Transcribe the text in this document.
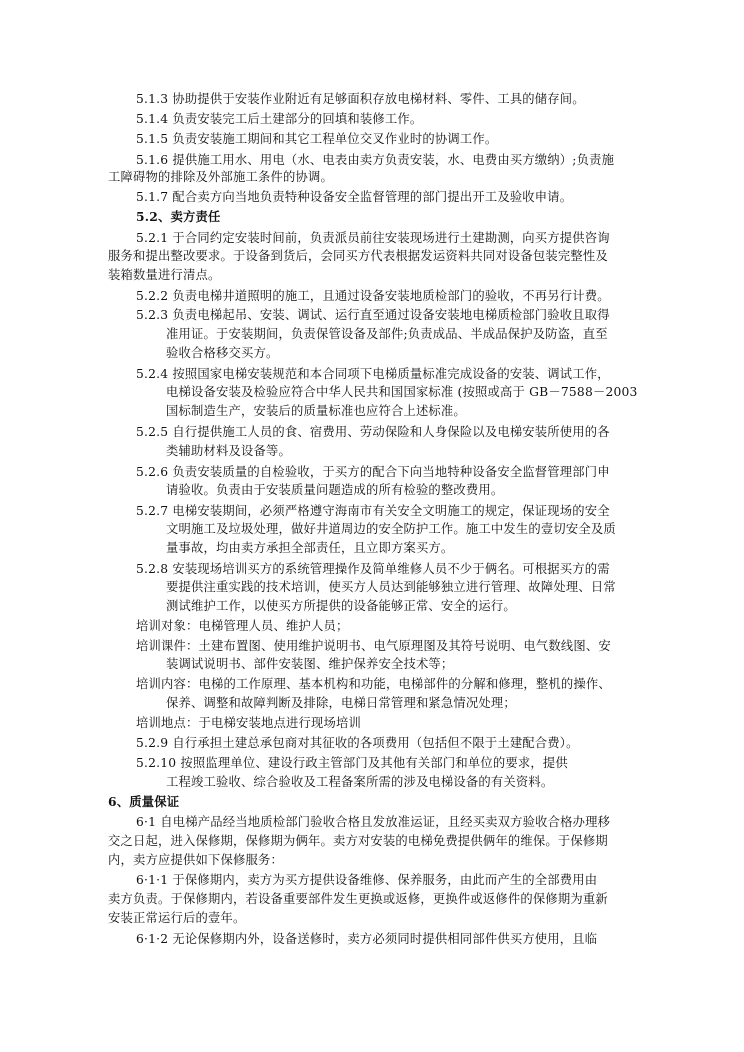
5.1.3 协助提供于安装作业附近有足够面积存放电梯材料、零件、工具的储存间。
5.1.4 负责安装完工后土建部分的回填和装修工作。
5.1.5 负责安装施工期间和其它工程单位交叉作业时的协调工作。
5.1.6 提供施工用水、用电（水、电表由卖方负责安装，水、电费由买方缴纳）;负责施
工障碍物的排除及外部施工条件的协调。
5.1.7 配合卖方向当地负责特种设备安全监督管理的部门提出开工及验收申请。
5.2、卖方责任
5.2.1 于合同约定安装时间前，负责派员前往安装现场进行土建勘测，向买方提供咨询
服务和提出整改要求。于设备到货后，会同买方代表根据发运资料共同对设备包装完整性及
装箱数量进行清点。
5.2.2 负责电梯井道照明的施工，且通过设备安装地质检部门的验收，不再另行计费。
5.2.3 负责电梯起吊、安装、调试、运行直至通过设备安装地电梯质检部门验收且取得
准用证。于安装期间，负责保管设备及部件;负责成品、半成品保护及防盗，直至
验收合格移交买方。
5.2.4 按照国家电梯安装规范和本合同项下电梯质量标准完成设备的安装、调试工作，
电梯设备安装及检验应符合中华人民共和国国家标准 (按照或高于 GB－7588－2003
国标制造生产，安装后的质量标准也应符合上述标准。
5.2.5 自行提供施工人员的食、宿费用、劳动保险和人身保险以及电梯安装所使用的各
类辅助材料及设备等。
5.2.6 负责安装质量的自检验收，于买方的配合下向当地特种设备安全监督管理部门申
请验收。负责由于安装质量问题造成的所有检验的整改费用。
5.2.7 电梯安装期间，必须严格遵守海南市有关安全文明施工的规定，保证现场的安全
文明施工及垃圾处理，做好井道周边的安全防护工作。施工中发生的壹切安全及质
量事故，均由卖方承担全部责任，且立即方案买方。
5.2.8 安装现场培训买方的系统管理操作及简单维修人员不少于俩名。可根据买方的需
要提供注重实践的技术培训，使买方人员达到能够独立进行管理、故障处理、日常
测试维护工作，以使买方所提供的设备能够正常、安全的运行。
培训对象：电梯管理人员、维护人员；
培训课件：土建布置图、使用维护说明书、电气原理图及其符号说明、电气数线图、安
装调试说明书、部件安装图、维护保养安全技术等；
培训内容：电梯的工作原理、基本机构和功能，电梯部件的分解和修理，整机的操作、
保养、调整和故障判断及排除，电梯日常管理和紧急情况处理；
培训地点：于电梯安装地点进行现场培训
5.2.9 自行承担土建总承包商对其征收的各项费用（包括但不限于土建配合费）。
5.2.10 按照监理单位、建设行政主管部门及其他有关部门和单位的要求，提供
工程竣工验收、综合验收及工程备案所需的涉及电梯设备的有关资料。
6、质量保证
6·1 自电梯产品经当地质检部门验收合格且发放准运证，且经买卖双方验收合格办理移
交之日起，进入保修期，保修期为俩年。卖方对安装的电梯免费提供俩年的维保。于保修期
内，卖方应提供如下保修服务：
6·1·1 于保修期内，卖方为买方提供设备维修、保养服务，由此而产生的全部费用由
卖方负责。于保修期内，若设备重要部件发生更换或返修，更换件或返修件的保修期为重新
安装正常运行后的壹年。
6·1·2 无论保修期内外，设备送修时，卖方必须同时提供相同部件供买方使用，且临
